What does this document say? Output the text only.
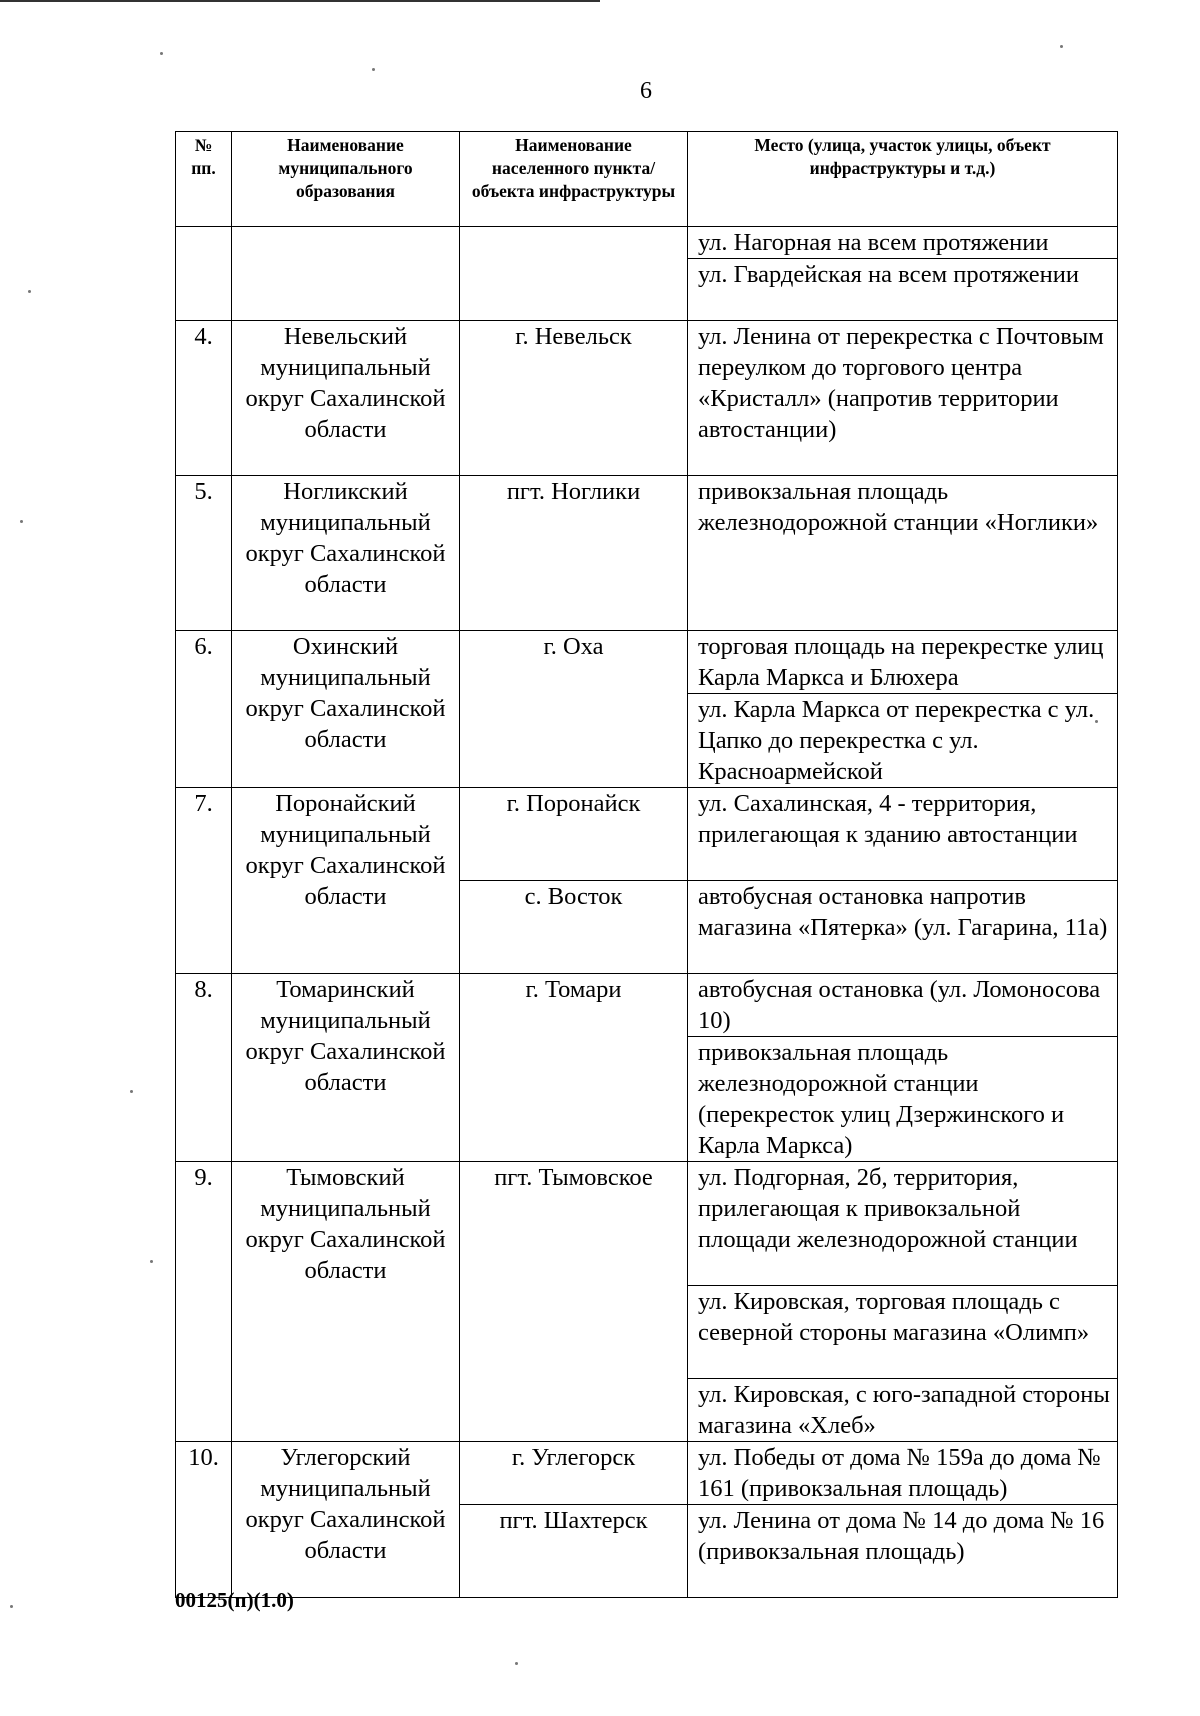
6
№ пп.	Наименование муниципального образования	Наименование населенного пункта/объекта инфраструктуры	Место (улица, участок улицы, объект инфраструктуры и т.д.)

			ул. Нагорная на всем протяжении
			ул. Гвардейская на всем протяжении
4.	Невельский муниципальный округ Сахалинской области	г. Невельск	ул. Ленина от перекрестка с Почтовым переулком до торгового центра «Кристалл» (напротив территории автостанции)
5.	Ногликский муниципальный округ Сахалинской области	пгт. Ноглики	привокзальная площадь железнодорожной станции «Ноглики»
6.	Охинский муниципальный округ Сахалинской области	г. Оха	торговая площадь на перекрестке улиц Карла Маркса и Блюхера
			ул. Карла Маркса от перекрестка с ул. Цапко до перекрестка с ул. Красноармейской
7.	Поронайский муниципальный округ Сахалинской области	г. Поронайск	ул. Сахалинская, 4 - территория, прилегающая к зданию автостанции
		с. Восток	автобусная остановка напротив магазина «Пятерка» (ул. Гагарина, 11а)
8.	Томаринский муниципальный округ Сахалинской области	г. Томари	автобусная остановка (ул. Ломоносова 10)
			привокзальная площадь железнодорожной станции (перекресток улиц Дзержинского и Карла Маркса)
9.	Тымовский муниципальный округ Сахалинской области	пгт. Тымовское	ул. Подгорная, 2б, территория, прилегающая к привокзальной площади железнодорожной станции
			ул. Кировская, торговая площадь с северной стороны магазина «Олимп»
			ул. Кировская, с юго-западной стороны магазина «Хлеб»
10.	Углегорский муниципальный округ Сахалинской области	г. Углегорск	ул. Победы от дома № 159а до дома № 161 (привокзальная площадь)
		пгт. Шахтерск	ул. Ленина от дома № 14 до дома № 16 (привокзальная площадь)
00125(п)(1.0)
